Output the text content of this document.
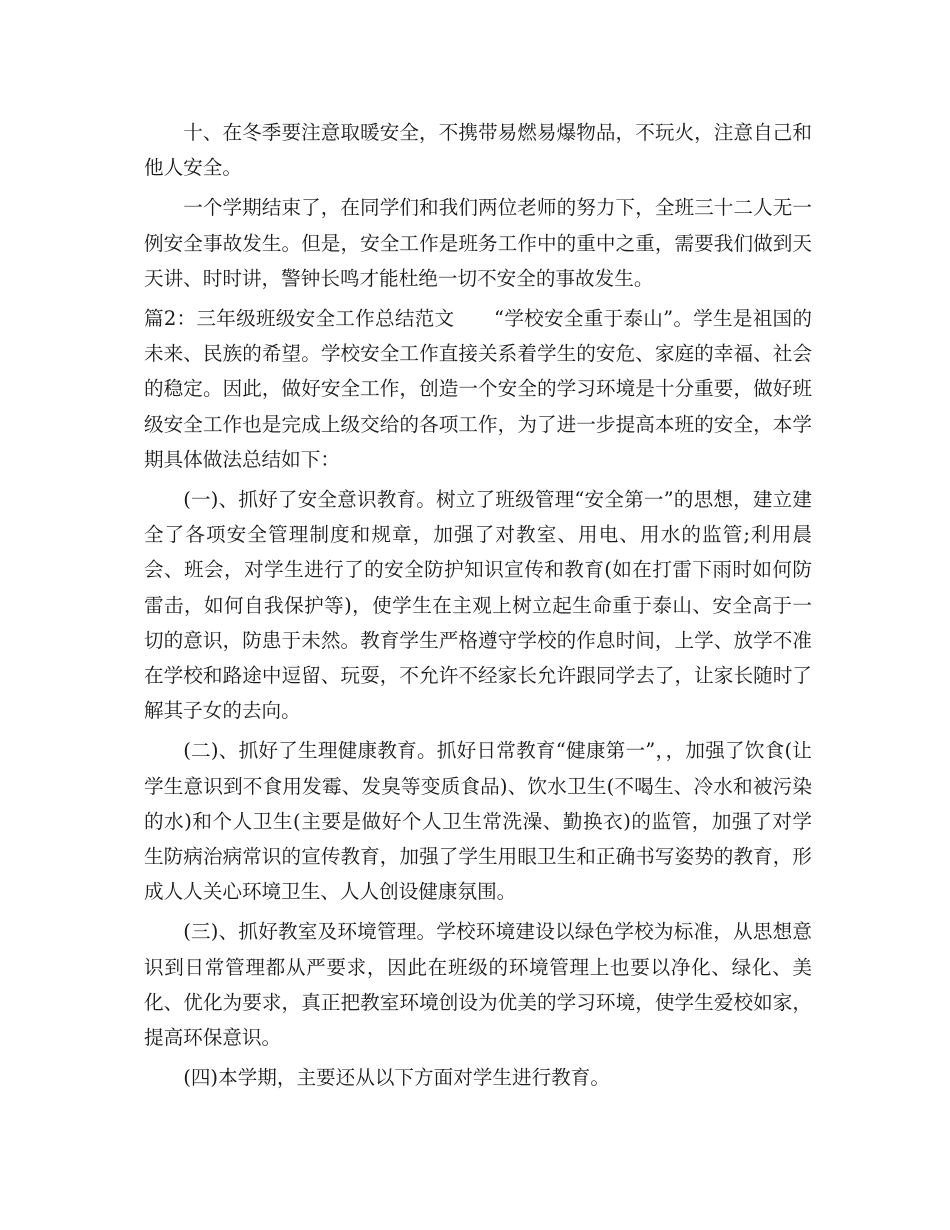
十、在冬季要注意取暖安全，不携带易燃易爆物品，不玩火，注意自己和他人安全。

一个学期结束了，在同学们和我们两位老师的努力下，全班三十二人无一例安全事故发生。但是，安全工作是班务工作中的重中之重，需要我们做到天天讲、时时讲，警钟长鸣才能杜绝一切不安全的事故发生。

篇2：三年级班级安全工作总结范文　　“学校安全重于泰山”。学生是祖国的未来、民族的希望。学校安全工作直接关系着学生的安危、家庭的幸福、社会的稳定。因此，做好安全工作，创造一个安全的学习环境是十分重要，做好班级安全工作也是完成上级交给的各项工作，为了进一步提高本班的安全，本学期具体做法总结如下：

(一)、抓好了安全意识教育。树立了班级管理“安全第一”的思想，建立建全了各项安全管理制度和规章，加强了对教室、用电、用水的监管;利用晨会、班会，对学生进行了的安全防护知识宣传和教育(如在打雷下雨时如何防雷击，如何自我保护等)，使学生在主观上树立起生命重于泰山、安全高于一切的意识，防患于未然。教育学生严格遵守学校的作息时间，上学、放学不准在学校和路途中逗留、玩耍，不允许不经家长允许跟同学去了，让家长随时了解其子女的去向。

(二)、抓好了生理健康教育。抓好日常教育“健康第一”，，加强了饮食(让学生意识到不食用发霉、发臭等变质食品)、饮水卫生(不喝生、冷水和被污染的水)和个人卫生(主要是做好个人卫生常洗澡、勤换衣)的监管，加强了对学生防病治病常识的宣传教育，加强了学生用眼卫生和正确书写姿势的教育，形成人人关心环境卫生、人人创设健康氛围。

(三)、抓好教室及环境管理。学校环境建设以绿色学校为标准，从思想意识到日常管理都从严要求，因此在班级的环境管理上也要以净化、绿化、美化、优化为要求，真正把教室环境创设为优美的学习环境，使学生爱校如家，提高环保意识。

(四)本学期，主要还从以下方面对学生进行教育。
